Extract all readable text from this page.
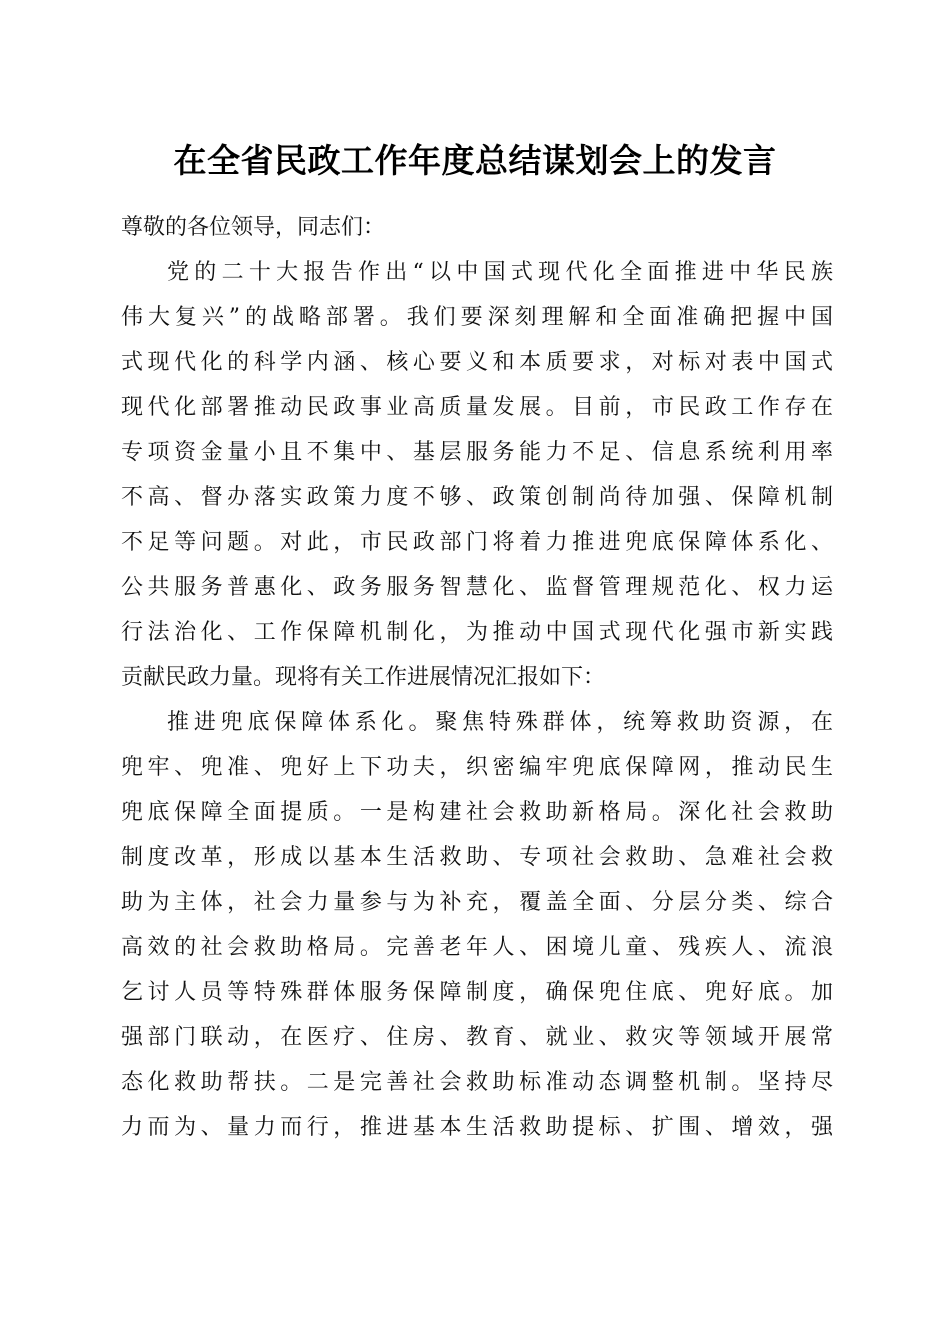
在全省民政工作年度总结谋划会上的发言
尊敬的各位领导，同志们：
党的二十大报告作出“以中国式现代化全面推进中华民族
伟大复兴”的战略部署。我们要深刻理解和全面准确把握中国
式现代化的科学内涵、核心要义和本质要求，对标对表中国式
现代化部署推动民政事业高质量发展。目前，市民政工作存在
专项资金量小且不集中、基层服务能力不足、信息系统利用率
不高、督办落实政策力度不够、政策创制尚待加强、保障机制
不足等问题。对此，市民政部门将着力推进兜底保障体系化、
公共服务普惠化、政务服务智慧化、监督管理规范化、权力运
行法治化、工作保障机制化，为推动中国式现代化强市新实践
贡献民政力量。现将有关工作进展情况汇报如下：
推进兜底保障体系化。聚焦特殊群体，统筹救助资源，在
兜牢、兜准、兜好上下功夫，织密编牢兜底保障网，推动民生
兜底保障全面提质。一是构建社会救助新格局。深化社会救助
制度改革，形成以基本生活救助、专项社会救助、急难社会救
助为主体，社会力量参与为补充，覆盖全面、分层分类、综合
高效的社会救助格局。完善老年人、困境儿童、残疾人、流浪
乞讨人员等特殊群体服务保障制度，确保兜住底、兜好底。加
强部门联动，在医疗、住房、教育、就业、救灾等领域开展常
态化救助帮扶。二是完善社会救助标准动态调整机制。坚持尽
力而为、量力而行，推进基本生活救助提标、扩围、增效，强
